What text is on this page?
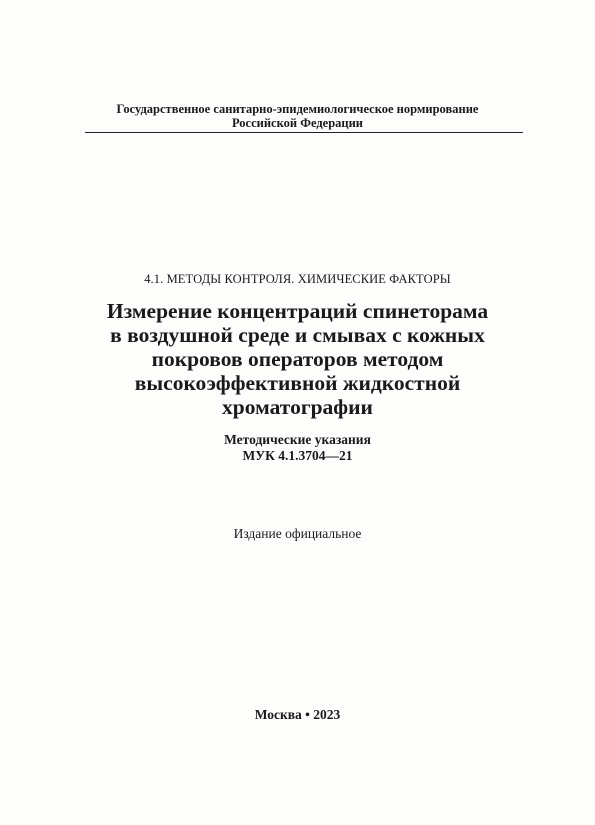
Государственное санитарно-эпидемиологическое нормирование
Российской Федерации
4.1. МЕТОДЫ КОНТРОЛЯ. ХИМИЧЕСКИЕ ФАКТОРЫ
Измерение концентраций спинеторама
в воздушной среде и смывах с кожных
покровов операторов методом
высокоэффективной жидкостной
хроматографии
Методические указания
МУК 4.1.3704—21
Издание официальное
Москва • 2023
